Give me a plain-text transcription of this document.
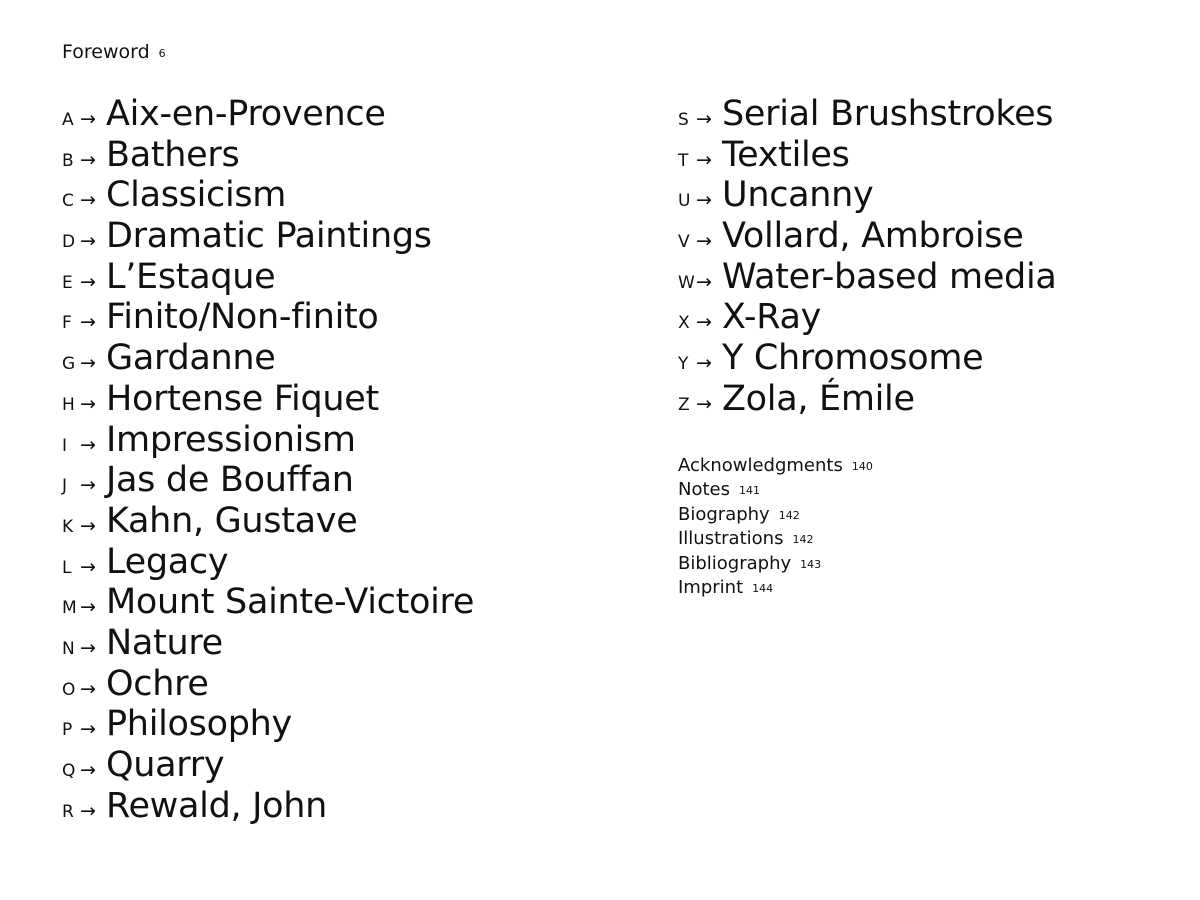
Foreword 6
A → Aix-en-Provence
B → Bathers
C → Classicism
D → Dramatic Paintings
E → L’Estaque
F → Finito/Non-finito
G → Gardanne
H → Hortense Fiquet
I → Impressionism
J → Jas de Bouffan
K → Kahn, Gustave
L → Legacy
M → Mount Sainte-Victoire
N → Nature
O → Ochre
P → Philosophy
Q → Quarry
R → Rewald, John
S → Serial Brushstrokes
T → Textiles
U → Uncanny
V → Vollard, Ambroise
W → Water-based media
X → X-Ray
Y → Y Chromosome
Z → Zola, Émile
Acknowledgments 140
Notes 141
Biography 142
Illustrations 142
Bibliography 143
Imprint 144
